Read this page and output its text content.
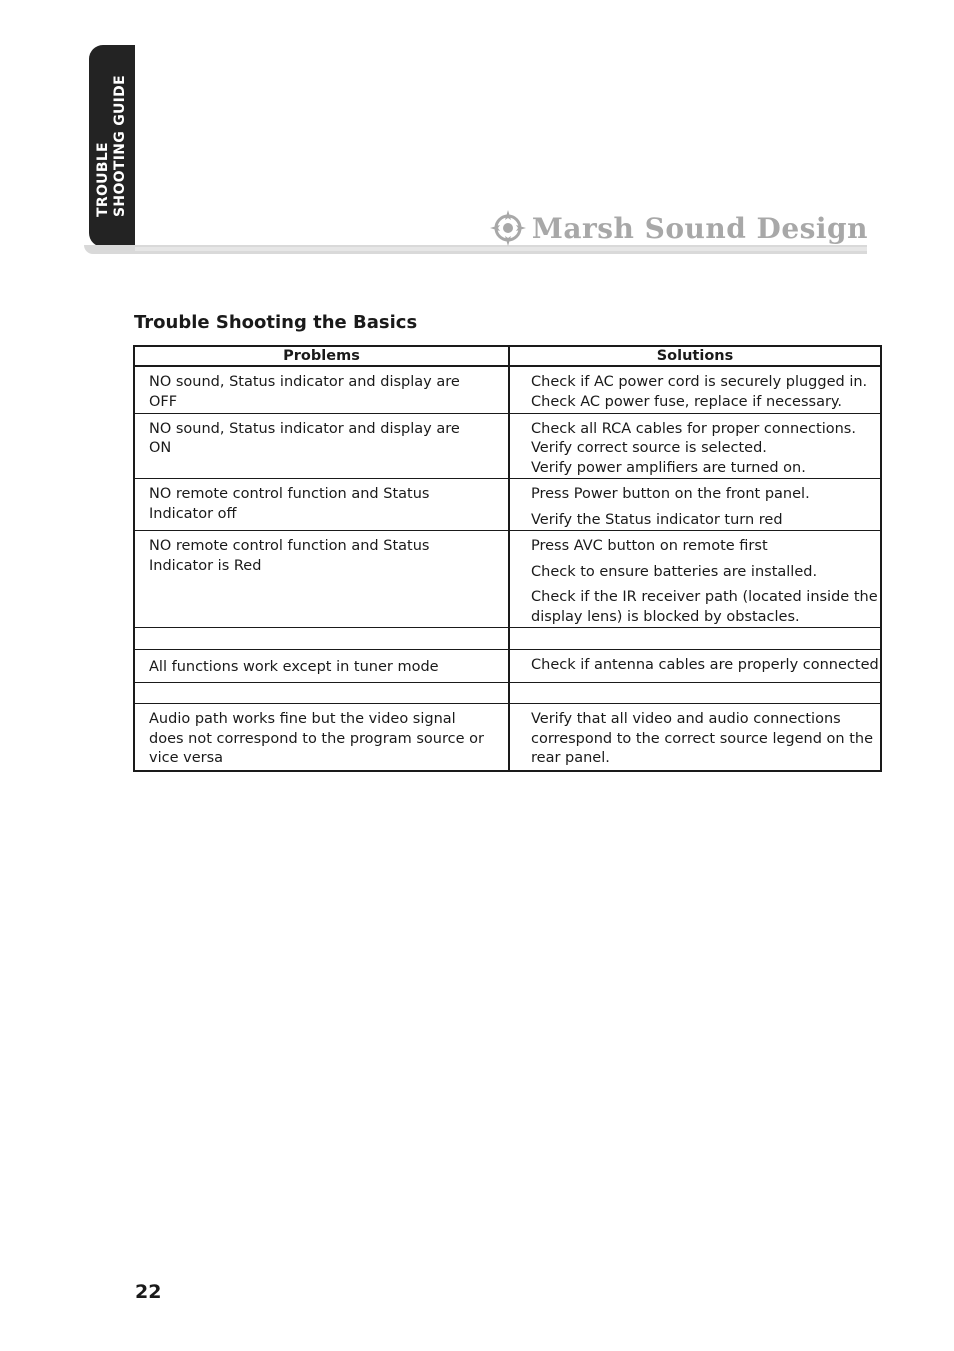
TROUBLE SHOOTING GUIDE
Marsh Sound Design
Trouble Shooting the Basics
Problems	Solutions

NO sound, Status indicator and display are
OFF	Check if AC power cord is securely plugged in.
Check AC power fuse, replace if necessary.

NO sound, Status indicator and display are
ON	Check all RCA cables for proper connections.
Verify correct source is selected.
Verify power amplifiers are turned on.

NO remote control function and Status
Indicator off	Press Power button on the front panel.
Verify the Status indicator turn red

NO remote control function and Status
Indicator is Red	Press AVC button on remote first
Check to ensure batteries are installed.
Check if the IR receiver path (located inside the
display lens) is blocked by obstacles.

All functions work except in tuner mode	Check if antenna cables are properly connected.

Audio path works fine but the video signal
does not correspond to the program source or
vice versa	Verify that all video and audio connections
correspond to the correct source legend on the
rear panel.
22
